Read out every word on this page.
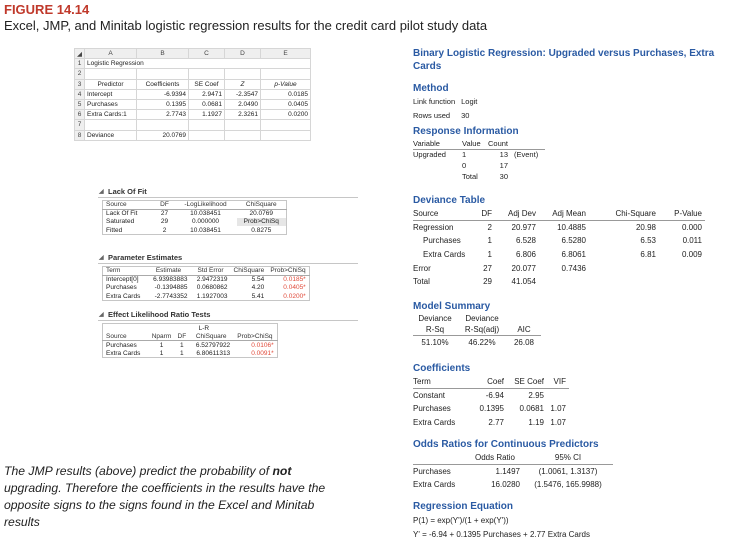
FIGURE 14.14
Excel, JMP, and Minitab logistic regression results for the credit card pilot study data
◢	A	B	C	D	E
1	Logistic Regression				
2					
3	Predictor	Coefficients	SE Coef	Z	p-Value
4	Intercept	-6.9394	2.9471	-2.3547	0.0185
5	Purchases	0.1395	0.0681	2.0490	0.0405
6	Extra Cards:1	2.7743	1.1927	2.3261	0.0200
7					
8	Deviance	20.0769			
◢ Lack Of Fit
Source	DF	-LogLikelihood	ChiSquare
Lack Of Fit	27	10.038451	20.0769
Saturated	29	0.000000	Prob>ChiSq
Fitted	2	10.038451	0.8275
◢ Parameter Estimates
Term	Estimate	Std Error	ChiSquare	Prob>ChiSq
Intercept[0]	6.93983883	2.9472319	5.54	0.0185*
Purchases	-0.1394885	0.0680862	4.20	0.0405*
Extra Cards	-2.7743352	1.1927003	5.41	0.0200*
◢ Effect Likelihood Ratio Tests
		L-R		
Source	Nparm	DF	ChiSquare	Prob>ChiSq
Purchases	1	1	6.52797922	0.0106*
Extra Cards	1	1	6.80611313	0.0091*
The JMP results (above) predict the probability of not upgrading. Therefore the coefficients in the results have the opposite signs to the signs found in the Excel and Minitab results
Binary Logistic Regression: Upgraded versus Purchases, Extra Cards
Method
Link function	Logit
Rows used	30
Response Information
Variable	Value	Count	
Upgraded	1	13	(Event)
	0	17	
	Total	30	
Deviance Table
Source	DF	Adj Dev	Adj Mean	Chi-Square	P-Value
Regression	2	20.977	10.4885	20.98	0.000
Purchases	1	6.528	6.5280	6.53	0.011
Extra Cards	1	6.806	6.8061	6.81	0.009
Error	27	20.077	0.7436		
Total	29	41.054			
Model Summary
Deviance	Deviance	
R-Sq	R-Sq(adj)	AIC
51.10%	46.22%	26.08
Coefficients
Term	Coef	SE Coef	VIF
Constant	-6.94	2.95	
Purchases	0.1395	0.0681	1.07
Extra Cards	2.77	1.19	1.07
Odds Ratios for Continuous Predictors
	Odds Ratio	95% CI
Purchases	1.1497	(1.0061, 1.3137)
Extra Cards	16.0280	(1.5476, 165.9988)
Regression Equation
P(1) = exp(Y')/(1 + exp(Y'))
Y' = -6.94 + 0.1395 Purchases + 2.77 Extra Cards
